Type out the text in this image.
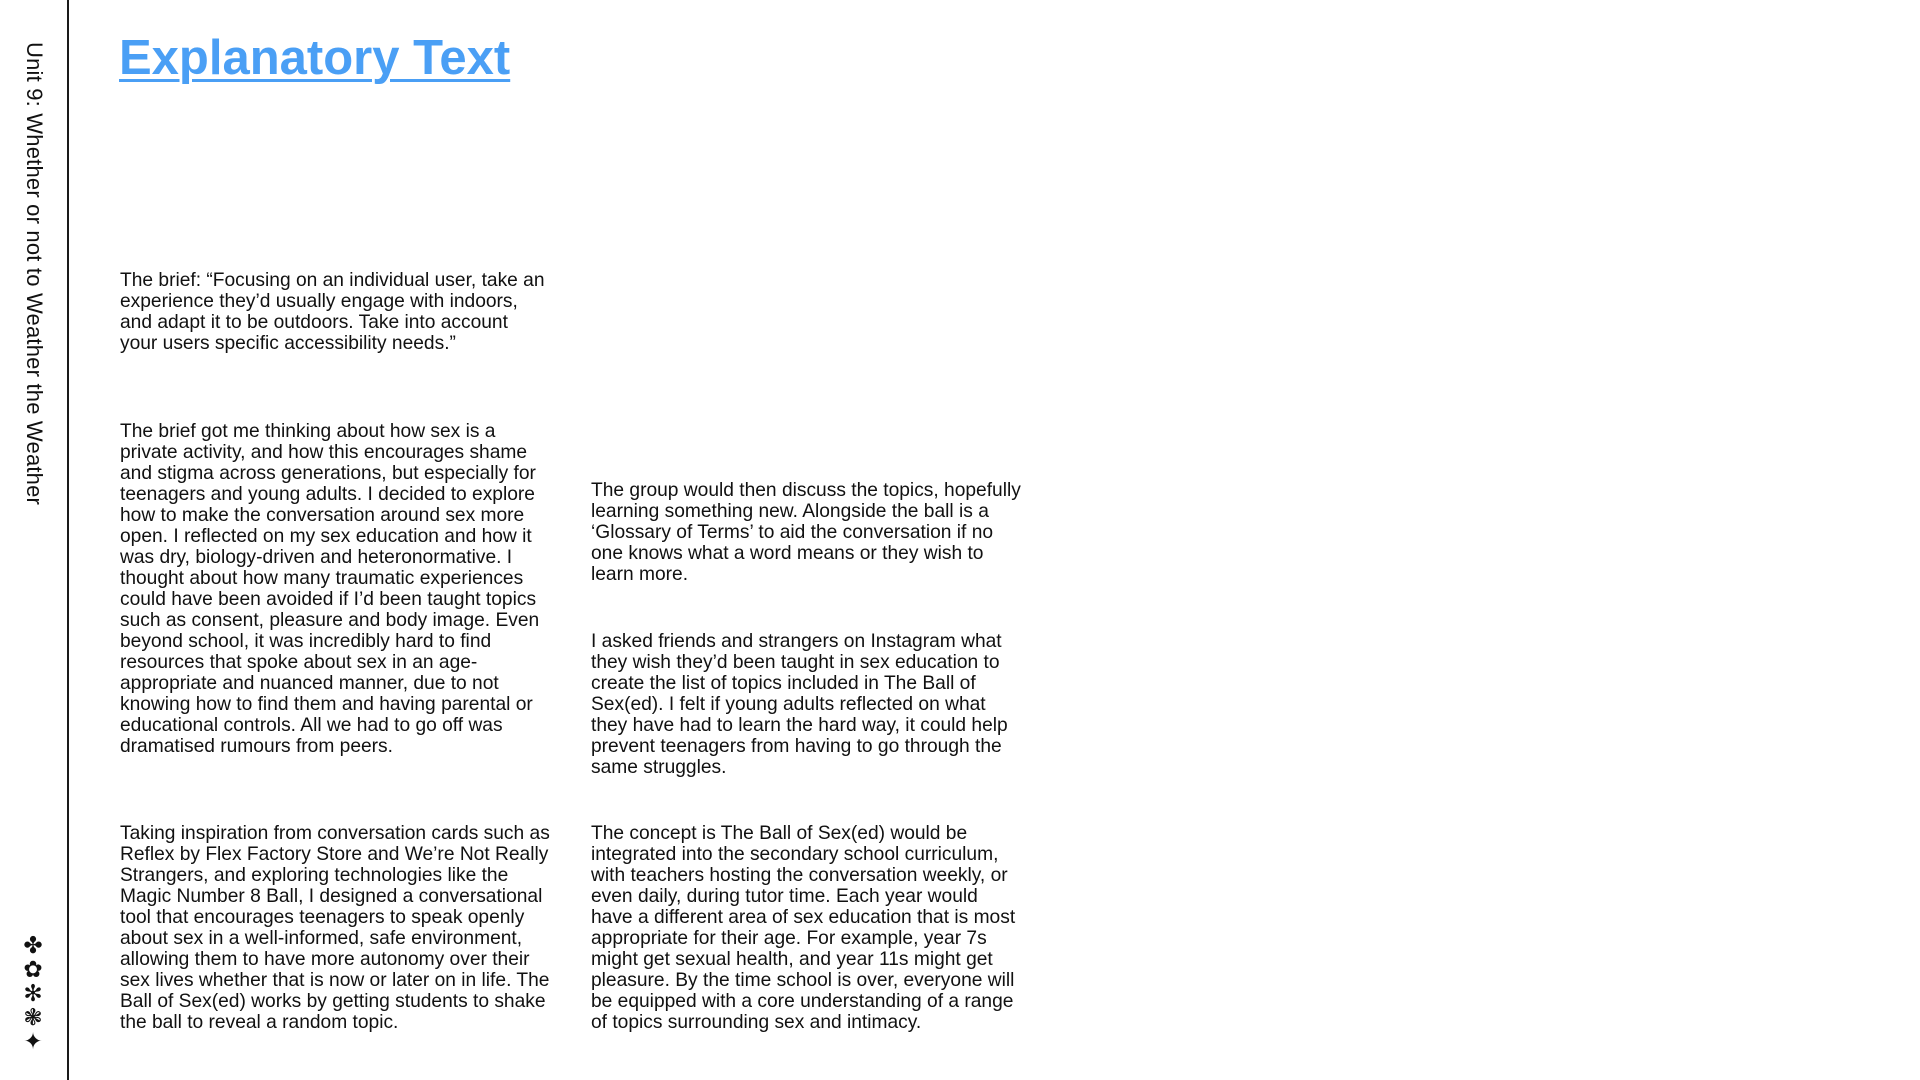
Unit 9: Whether or not to Weather the Weather
✤
✿
✻
❃
✦
Explanatory Text

The brief: “Focusing on an individual user, take an experience they’d usually engage with indoors, and adapt it to be outdoors. Take into account your users specific accessibility needs.”

The brief got me thinking about how sex is a private activity, and how this encourages shame and stigma across generations, but especially for teenagers and young adults. I decided to explore how to make the conversation around sex more open. I reflected on my sex education and how it was dry, biology-driven and heteronormative. I thought about how many traumatic experiences could have been avoided if I’d been taught topics such as consent, pleasure and body image. Even beyond school, it was incredibly hard to find resources that spoke about sex in an age-appropriate and nuanced manner, due to not knowing how to find them and having parental or educational controls. All we had to go off was dramatised rumours from peers.

Taking inspiration from conversation cards such as Reflex by Flex Factory Store and We’re Not Really Strangers, and exploring technologies like the Magic Number 8 Ball, I designed a conversational tool that encourages teenagers to speak openly about sex in a well-informed, safe environment, allowing them to have more autonomy over their sex lives whether that is now or later on in life. The Ball of Sex(ed) works by getting students to shake the ball to reveal a random topic.

The group would then discuss the topics, hopefully learning something new. Alongside the ball is a ‘Glossary of Terms’ to aid the conversation if no one knows what a word means or they wish to learn more.

I asked friends and strangers on Instagram what they wish they’d been taught in sex education to create the list of topics included in The Ball of Sex(ed). I felt if young adults reflected on what they have had to learn the hard way, it could help prevent teenagers from having to go through the same struggles.

The concept is The Ball of Sex(ed) would be integrated into the secondary school curriculum, with teachers hosting the conversation weekly, or even daily, during tutor time. Each year would have a different area of sex education that is most appropriate for their age. For example, year 7s might get sexual health, and year 11s might get pleasure. By the time school is over, everyone will be equipped with a core understanding of a range of topics surrounding sex and intimacy.
